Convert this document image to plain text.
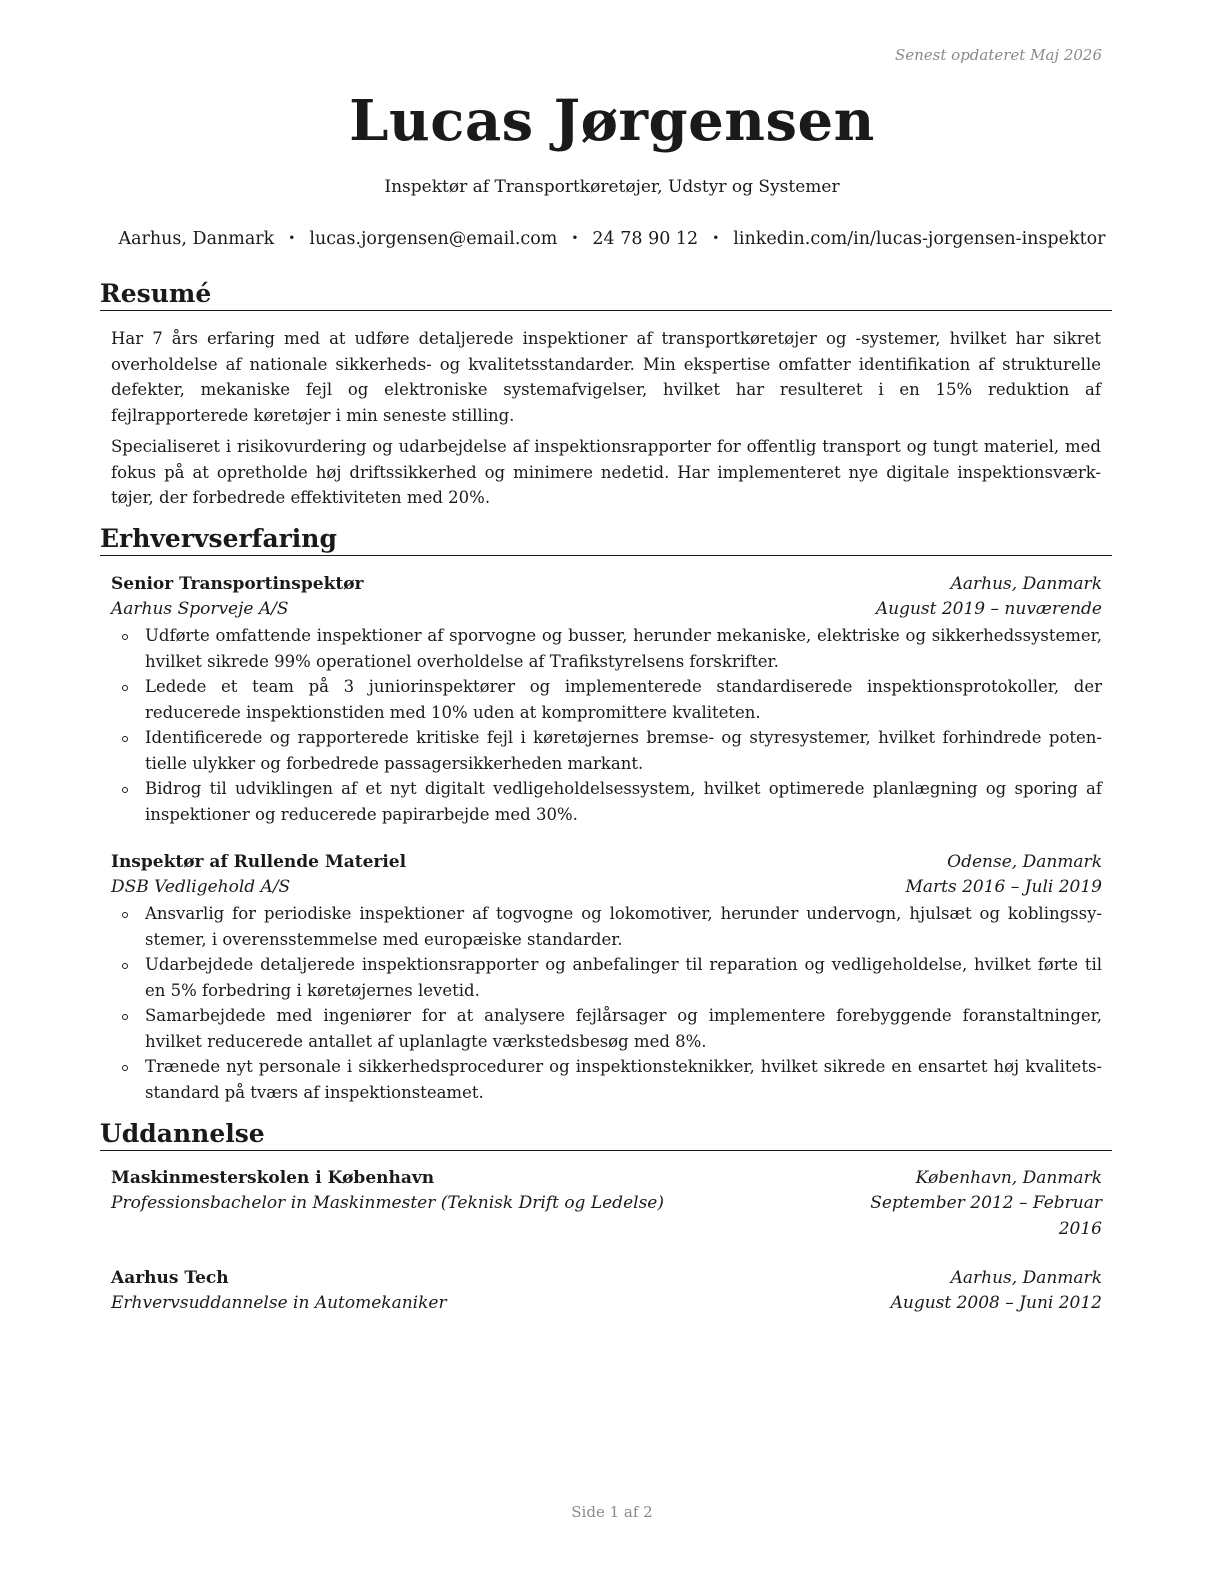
Senest opdateret Maj 2026
Lucas Jørgensen
Inspektør af Transportkøretøjer, Udstyr og Systemer
Aarhus, Danmark • lucas.jorgensen@email.com • 24 78 90 12 • linkedin.com/in/lucas-jorgensen-inspektor
Resumé

Har 7 års erfaring med at udføre detaljerede inspektioner af transportkøretøjer og -systemer, hvilket har sikret overholdelse af nationale sikkerheds- og kvalitetsstandarder. Min ekspertise omfatter identifikation af strukturelle defekter, mekaniske fejl og elektroniske systemafvigelser, hvilket har resulteret i en 15% reduktion af fejlrapporterede køretøjer i min seneste stilling.

Specialiseret i risikovurdering og udarbejdelse af inspektionsrapporter for offentlig transport og tungt materiel, med fokus på at opretholde høj driftssikkerhed og minimere nedetid. Har implementeret nye digitale inspektionsværk-tøjer, der forbedrede effektiviteten med 20%.

Erhvervserfaring
Senior Transportinspektør	Aarhus, Danmark
Aarhus Sporveje A/S	August 2019 – nuværende
Udførte omfattende inspektioner af sporvogne og busser, herunder mekaniske, elektriske og sikkerhedssystemer, hvilket sikrede 99% operationel overholdelse af Trafikstyrelsens forskrifter.
Ledede et team på 3 juniorinspektører og implementerede standardiserede inspektionsprotokoller, der reducerede inspektionstiden med 10% uden at kompromittere kvaliteten.
Identificerede og rapporterede kritiske fejl i køretøjernes bremse- og styresystemer, hvilket forhindrede poten-tielle ulykker og forbedrede passagersikkerheden markant.
Bidrog til udviklingen af et nyt digitalt vedligeholdelsessystem, hvilket optimerede planlægning og sporing af inspektioner og reducerede papirarbejde med 30%.
Inspektør af Rullende Materiel	Odense, Danmark
DSB Vedligehold A/S	Marts 2016 – Juli 2019
Ansvarlig for periodiske inspektioner af togvogne og lokomotiver, herunder undervogn, hjulsæt og koblingssy-stemer, i overensstemmelse med europæiske standarder.
Udarbejdede detaljerede inspektionsrapporter og anbefalinger til reparation og vedligeholdelse, hvilket førte til en 5% forbedring i køretøjernes levetid.
Samarbejdede med ingeniører for at analysere fejlårsager og implementere forebyggende foranstaltninger, hvilket reducerede antallet af uplanlagte værkstedsbesøg med 8%.
Trænede nyt personale i sikkerhedsprocedurer og inspektionsteknikker, hvilket sikrede en ensartet høj kvalitets-standard på tværs af inspektionsteamet.
Uddannelse
Maskinmesterskolen i København	København, Danmark
Professionsbachelor in Maskinmester (Teknisk Drift og Ledelse)	September 2012 – Februar
2016
Aarhus Tech	Aarhus, Danmark
Erhvervsuddannelse in Automekaniker	August 2008 – Juni 2012
Side 1 af 2
